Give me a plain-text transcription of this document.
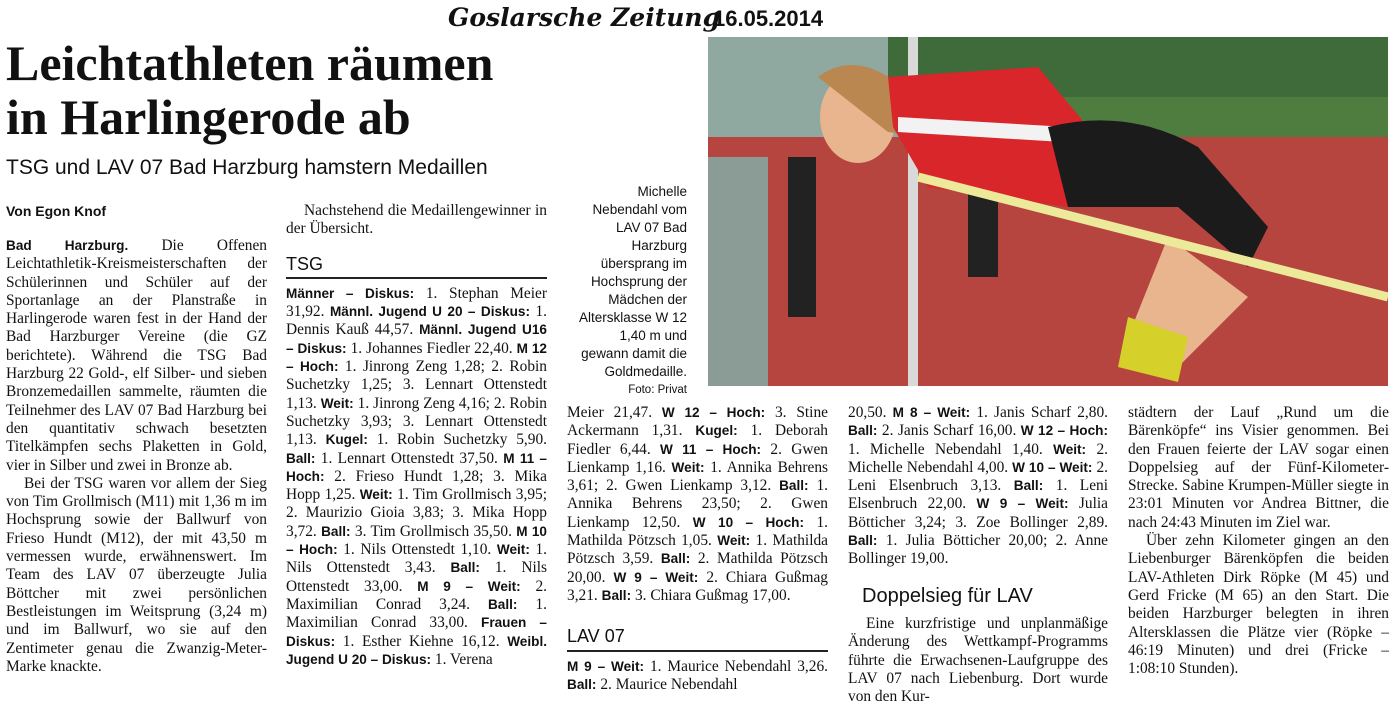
Goslarsche Zeitung
16.05.2014
Leichtathleten räumen
in Harlingerode ab
TSG und LAV 07 Bad Harzburg hamstern Medaillen
Von Egon Knof

Bad Harzburg. Die Offenen Leichtathletik-Kreismeisterschaften der Schülerinnen und Schüler auf der Sportanlage an der Planstraße in Harlingerode waren fest in der Hand der Bad Harzburger Vereine (die GZ berichtete). Während die TSG Bad Harzburg 22 Gold-, elf Silber- und sieben Bronzemedaillen sammelte, räumten die Teilnehmer des LAV 07 Bad Harzburg bei den quantitativ schwach besetzten Titelkämpfen sechs Plaketten in Gold, vier in Silber und zwei in Bronze ab.

Bei der TSG waren vor allem der Sieg von Tim Grollmisch (M11) mit 1,36 m im Hochsprung sowie der Ballwurf von Frieso Hundt (M12), der mit 43,50 m vermessen wurde, erwähnenswert. Im Team des LAV 07 überzeugte Julia Böttcher mit zwei persönlichen Bestleistungen im Weitsprung (3,24 m) und im Ballwurf, wo sie auf den Zentimeter genau die Zwanzig-Meter-Marke knackte.

Nachstehend die Medaillengewinner in der Übersicht.

TSG

Männer – Diskus: 1. Stephan Meier 31,92. Männl. Jugend U 20 – Diskus: 1. Dennis Kauß 44,57. Männl. Jugend U16 – Diskus: 1. Johannes Fiedler 22,40. M 12 – Hoch: 1. Jinrong Zeng 1,28; 2. Robin Suchetzky 1,25; 3. Lennart Ottenstedt 1,13. Weit: 1. Jinrong Zeng 4,16; 2. Robin Suchetzky 3,93; 3. Lennart Ottenstedt 1,13. Kugel: 1. Robin Suchetzky 5,90. Ball: 1. Lennart Ottenstedt 37,50. M 11 – Hoch: 2. Frieso Hundt 1,28; 3. Mika Hopp 1,25. Weit: 1. Tim Grollmisch 3,95; 2. Maurizio Gioia 3,83; 3. Mika Hopp 3,72. Ball: 3. Tim Grollmisch 35,50. M 10 – Hoch: 1. Nils Ottenstedt 1,10. Weit: 1. Nils Ottenstedt 3,43. Ball: 1. Nils Ottenstedt 33,00. M 9 – Weit: 2. Maximilian Conrad 3,24. Ball: 1. Maximilian Conrad 33,00. Frauen – Diskus: 1. Esther Kiehne 16,12. Weibl. Jugend U 20 – Diskus: 1. Verena

Michelle Nebendahl vom LAV 07 Bad Harzburg übersprang im Hochsprung der Mädchen der Altersklasse W 12 1,40 m und gewann damit die Goldmedaille.
Foto: Privat

Meier 21,47. W 12 – Hoch: 3. Stine Ackermann 1,31. Kugel: 1. Deborah Fiedler 6,44. W 11 – Hoch: 2. Gwen Lienkamp 1,16. Weit: 1. Annika Behrens 3,61; 2. Gwen Lienkamp 3,12. Ball: 1. Annika Behrens 23,50; 2. Gwen Lienkamp 12,50. W 10 – Hoch: 1. Mathilda Pötzsch 1,05. Weit: 1. Mathilda Pötzsch 3,59. Ball: 2. Mathilda Pötzsch 20,00. W 9 – Weit: 2. Chiara Gußmag 3,21. Ball: 3. Chiara Gußmag 17,00.

LAV 07

M 9 – Weit: 1. Maurice Nebendahl 3,26. Ball: 2. Maurice Nebendahl

20,50. M 8 – Weit: 1. Janis Scharf 2,80. Ball: 2. Janis Scharf 16,00. W 12 – Hoch: 1. Michelle Nebendahl 1,40. Weit: 2. Michelle Nebendahl 4,00. W 10 – Weit: 2. Leni Elsenbruch 3,13. Ball: 1. Leni Elsenbruch 22,00. W 9 – Weit: Julia Bötticher 3,24; 3. Zoe Bollinger 2,89. Ball: 1. Julia Bötticher 20,00; 2. Anne Bollinger 19,00.

Doppelsieg für LAV

Eine kurzfristige und unplanmäßige Änderung des Wettkampf-Programms führte die Erwachsenen-Laufgruppe des LAV 07 nach Liebenburg. Dort wurde von den Kur-

städtern der Lauf „Rund um die Bärenköpfe“ ins Visier genommen. Bei den Frauen feierte der LAV sogar einen Doppelsieg auf der Fünf-Kilometer-Strecke. Sabine Krumpen-Müller siegte in 23:01 Minuten vor Andrea Bittner, die nach 24:43 Minuten im Ziel war.

Über zehn Kilometer gingen an den Liebenburger Bärenköpfen die beiden LAV-Athleten Dirk Röpke (M 45) und Gerd Fricke (M 65) an den Start. Die beiden Harzburger belegten in ihren Altersklassen die Plätze vier (Röpke – 46:19 Minuten) und drei (Fricke – 1:08:10 Stunden).
